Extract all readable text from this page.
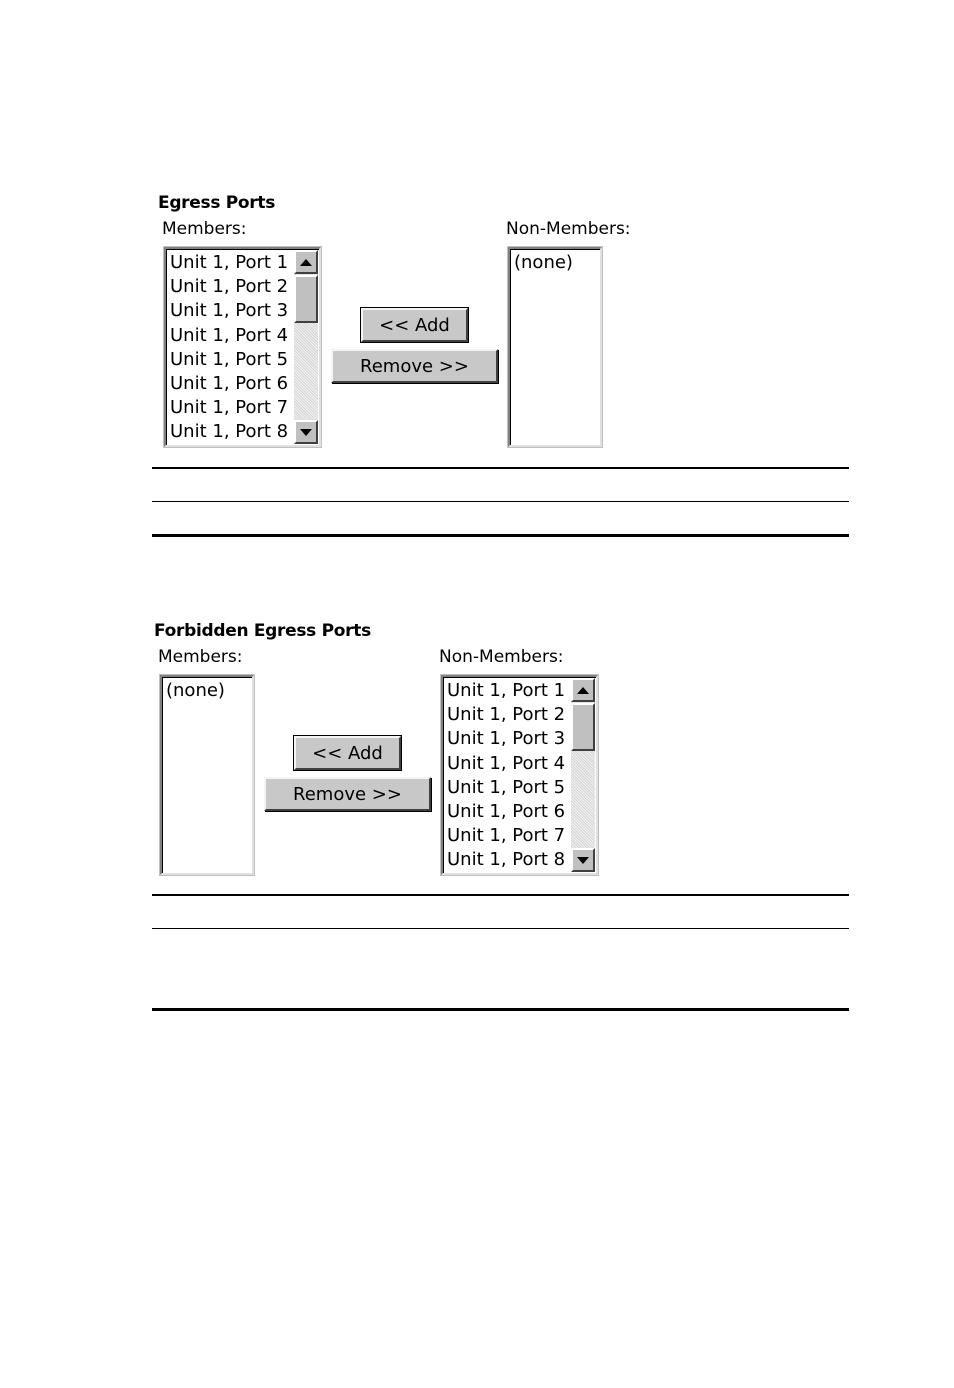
Egress Ports
Members:	Non-Members:
Unit 1, Port 1
Unit 1, Port 2
Unit 1, Port 3
Unit 1, Port 4
Unit 1, Port 5
Unit 1, Port 6
Unit 1, Port 7
Unit 1, Port 8
<< Add
Remove >>
(none)
Forbidden Egress Ports
Members:	Non-Members:
(none)
<< Add
Remove >>
Unit 1, Port 1
Unit 1, Port 2
Unit 1, Port 3
Unit 1, Port 4
Unit 1, Port 5
Unit 1, Port 6
Unit 1, Port 7
Unit 1, Port 8
